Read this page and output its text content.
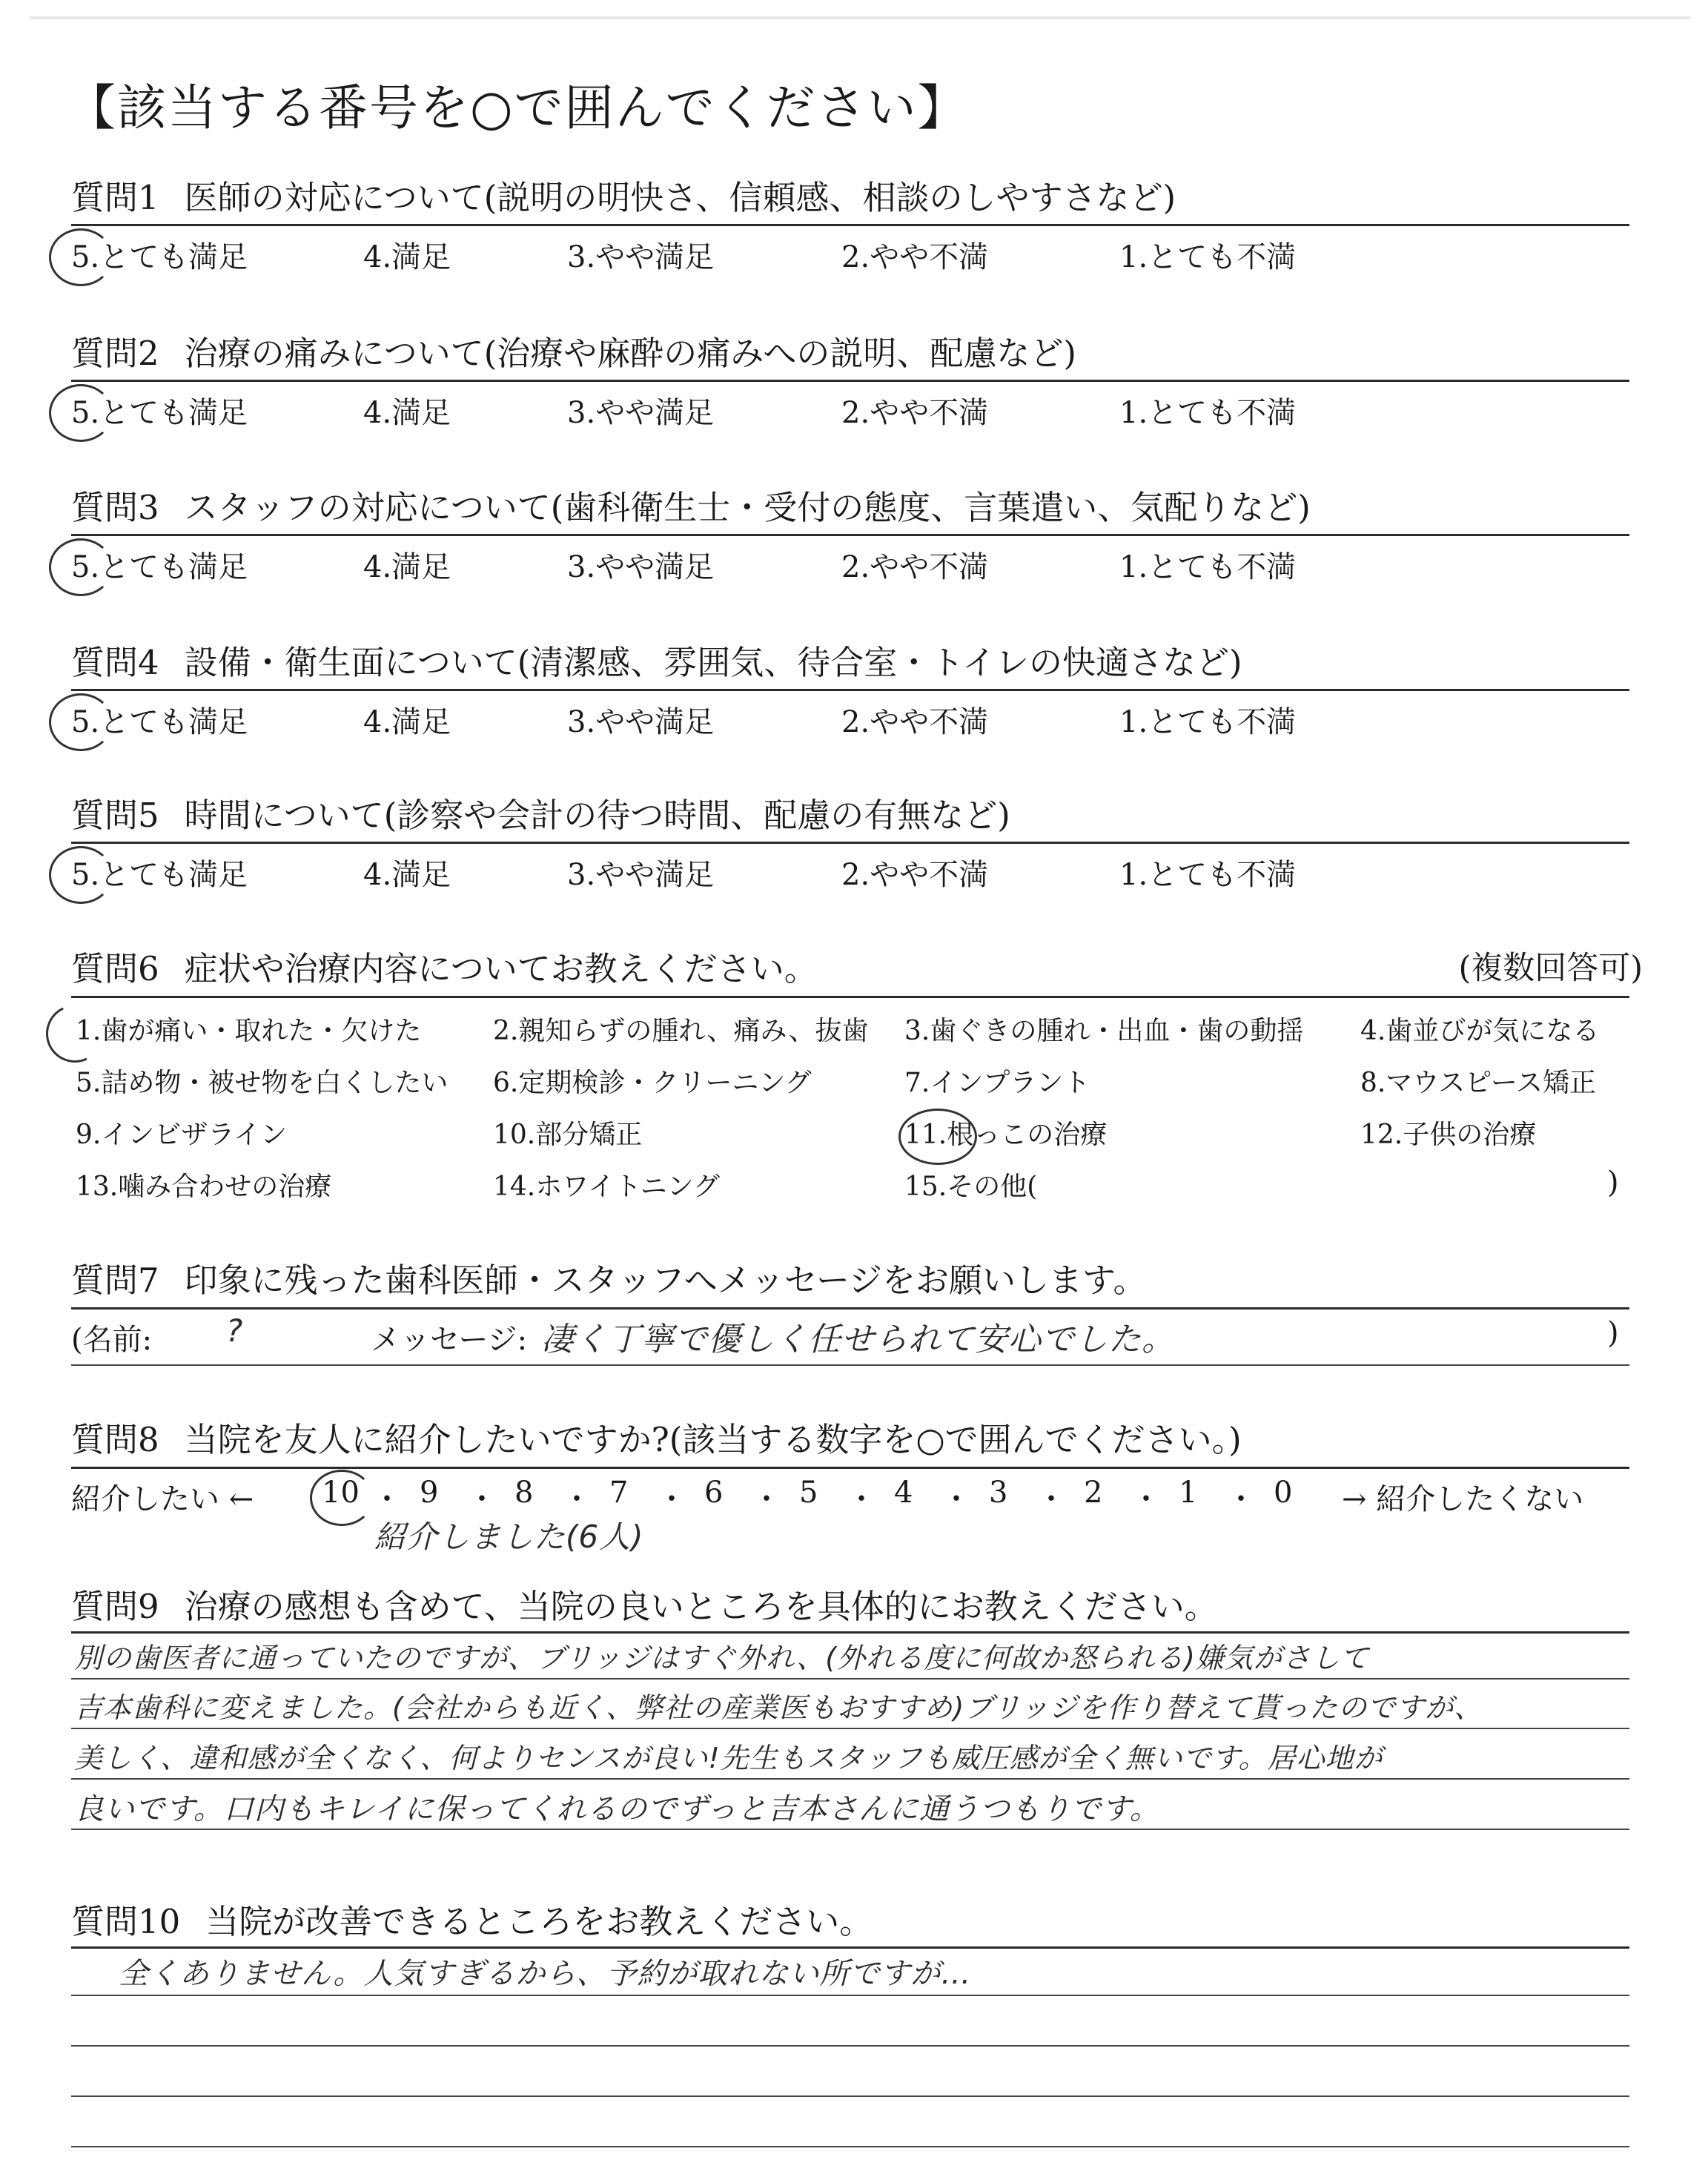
【該当する番号を○で囲んでください】
質問1 医師の対応について(説明の明快さ、信頼感、相談のしやすさなど)
5.とても満足	4.満足	3.やや満足	2.やや不満	1.とても不満
質問2 治療の痛みについて(治療や麻酔の痛みへの説明、配慮など)
5.とても満足	4.満足	3.やや満足	2.やや不満	1.とても不満
質問3 スタッフの対応について(歯科衛生士・受付の態度、言葉遣い、気配りなど)
5.とても満足	4.満足	3.やや満足	2.やや不満	1.とても不満
質問4 設備・衛生面について(清潔感、雰囲気、待合室・トイレの快適さなど)
5.とても満足	4.満足	3.やや満足	2.やや不満	1.とても不満
質問5 時間について(診察や会計の待つ時間、配慮の有無など)
5.とても満足	4.満足	3.やや満足	2.やや不満	1.とても不満
質問6 症状や治療内容についてお教えください。	(複数回答可)
1.歯が痛い・取れた・欠けた	2.親知らずの腫れ、痛み、抜歯 3.歯ぐきの腫れ・出血・歯の動揺 4.歯並びが気になる
5.詰め物・被せ物を白くしたい 6.定期検診・クリーニング	7.インプラント	8.マウスピース矯正
9.インビザライン	10.部分矯正	11.根っこの治療	12.子供の治療
13.噛み合わせの治療	14.ホワイトニング	15.その他(	)
質問7 印象に残った歯科医師・スタッフへメッセージをお願いします。
(名前: ?	メッセージ: 凄く丁寧で優しく任せられて安心でした。	)
質問8 当院を友人に紹介したいですか?(該当する数字を○で囲んでください。)
紹介したい ← 10 ・ 9 ・ 8 ・ 7 ・ 6 ・ 5 ・ 4 ・ 3 ・ 2 ・ 1 ・ 0 → 紹介したくない
紹介しました(6人)
質問9 治療の感想も含めて、当院の良いところを具体的にお教えください。
別の歯医者に通っていたのですが、ブリッジはすぐ外れ、(外れる度に何故か怒られる)嫌気がさして
吉本歯科に変えました。(会社からも近く、弊社の産業医もおすすめ)ブリッジを作り替えて貰ったのですが、
美しく、違和感が全くなく、何よりセンスが良い!先生もスタッフも威圧感が全く無いです。居心地が
良いです。口内もキレイに保ってくれるのでずっと吉本さんに通うつもりです。
質問10 当院が改善できるところをお教えください。
全くありません。人気すぎるから、予約が取れない所ですが…
